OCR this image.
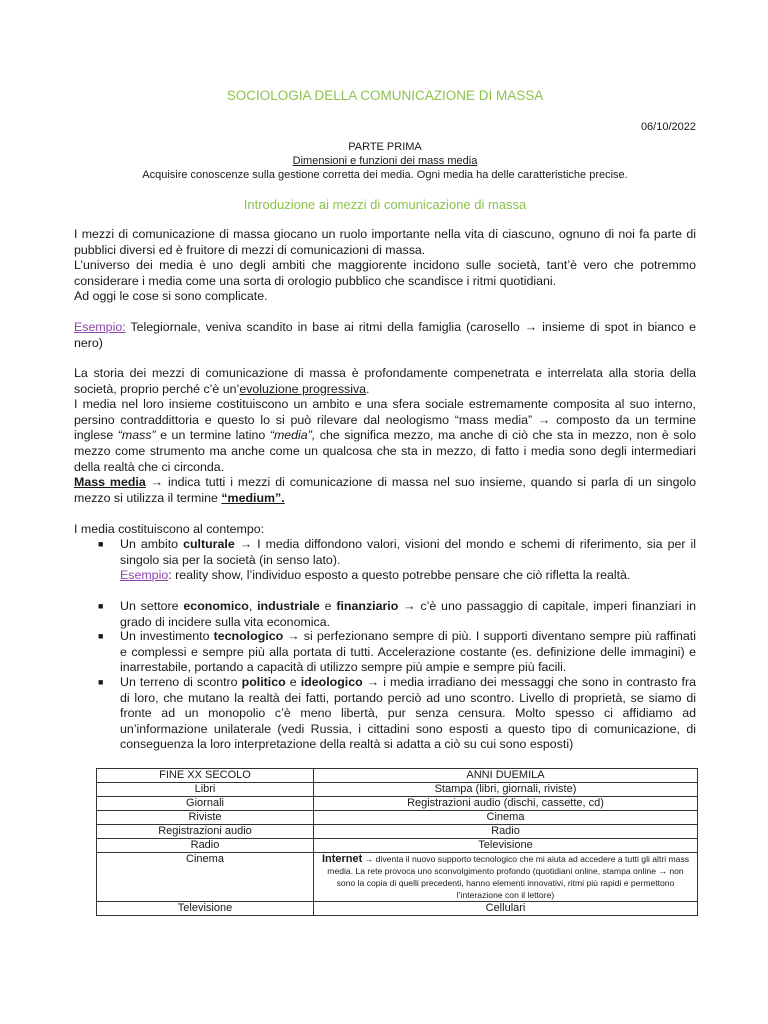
SOCIOLOGIA DELLA COMUNICAZIONE DI MASSA
06/10/2022
PARTE PRIMA
Dimensioni e funzioni dei mass media
Acquisire conoscenze sulla gestione corretta dei media. Ogni media ha delle caratteristiche precise.
Introduzione ai mezzi di comunicazione di massa

I mezzi di comunicazione di massa giocano un ruolo importante nella vita di ciascuno, ognuno di noi fa parte di pubblici diversi ed è fruitore di mezzi di comunicazioni di massa.

L’universo dei media è uno degli ambiti che maggiorente incidono sulle società, tant’è vero che potremmo considerare i media come una sorta di orologio pubblico che scandisce i ritmi quotidiani.

Ad oggi le cose si sono complicate.

Esempio: Telegiornale, veniva scandito in base ai ritmi della famiglia (carosello → insieme di spot in bianco e nero)

La storia dei mezzi di comunicazione di massa è profondamente compenetrata e interrelata alla storia della società, proprio perché c’è un’evoluzione progressiva.

I media nel loro insieme costituiscono un ambito e una sfera sociale estremamente composita al suo interno, persino contraddittoria e questo lo si può rilevare dal neologismo “mass media” → composto da un termine inglese “mass” e un termine latino “media”, che significa mezzo, ma anche di ciò che sta in mezzo, non è solo mezzo come strumento ma anche come un qualcosa che sta in mezzo, di fatto i media sono degli intermediari della realtà che ci circonda.

Mass media → indica tutti i mezzi di comunicazione di massa nel suo insieme, quando si parla di un singolo mezzo si utilizza il termine “medium”.

I media costituiscono al contempo:
■ Un ambito culturale → I media diffondono valori, visioni del mondo e schemi di riferimento, sia per il singolo sia per la società (in senso lato).
Esempio: reality show, l’individuo esposto a questo potrebbe pensare che ciò rifletta la realtà.
■ Un settore economico, industriale e finanziario → c’è uno passaggio di capitale, imperi finanziari in grado di incidere sulla vita economica.
■ Un investimento tecnologico → si perfezionano sempre di più. I supporti diventano sempre più raffinati e complessi e sempre più alla portata di tutti. Accelerazione costante (es. definizione delle immagini) e inarrestabile, portando a capacità di utilizzo sempre più ampie e sempre più facili.
■ Un terreno di scontro politico e ideologico → i media irradiano dei messaggi che sono in contrasto fra di loro, che mutano la realtà dei fatti, portando perciò ad uno scontro. Livello di proprietà, se siamo di fronte ad un monopolio c’è meno libertà, pur senza censura. Molto spesso ci affidiamo ad un’informazione unilaterale (vedi Russia, i cittadini sono esposti a questo tipo di comunicazione, di conseguenza la loro interpretazione della realtà si adatta a ciò su cui sono esposti)
FINE XX SECOLO	ANNI DUEMILA
Libri	Stampa (libri, giornali, riviste)
Giornali	Registrazioni audio (dischi, cassette, cd)
Riviste	Cinema
Registrazioni audio	Radio
Radio	Televisione
Cinema	Internet → diventa il nuovo supporto tecnologico che mi aiuta ad accedere a tutti gli altri mass media. La rete provoca uno sconvolgimento profondo (quotidiani online, stampa online → non sono la copia di quelli precedenti, hanno elementi innovativi, ritmi più rapidi e permettono l’interazione con il lettore)
Televisione	Cellulari
